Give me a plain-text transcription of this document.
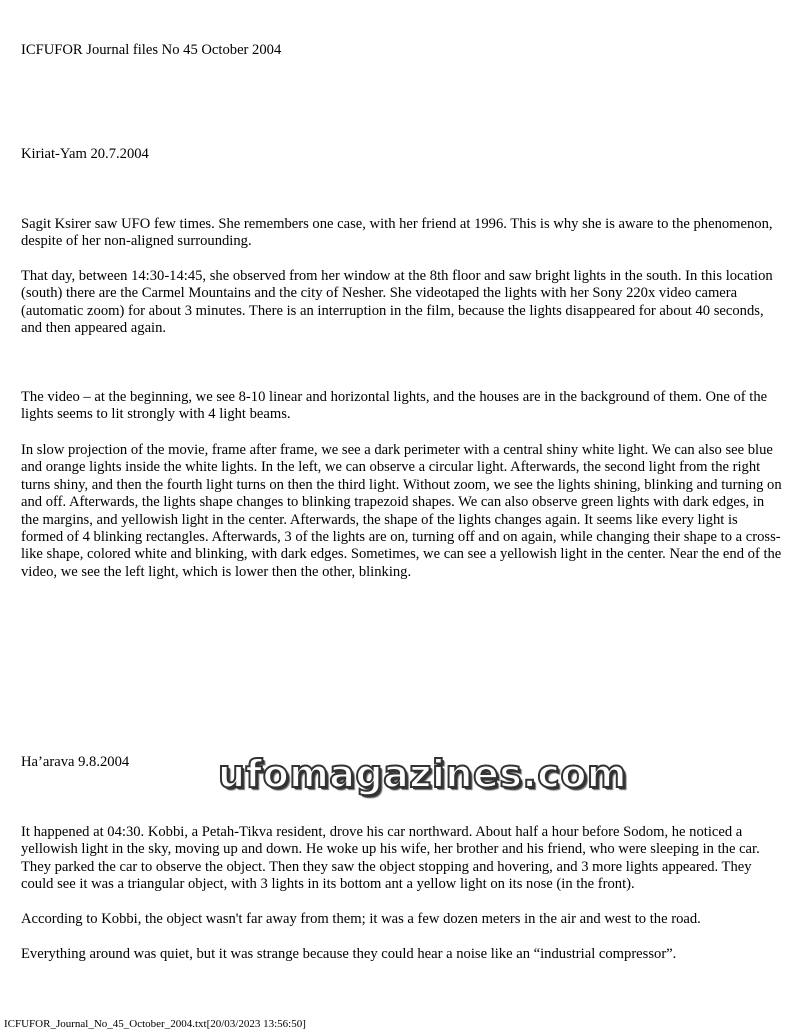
ICFUFOR Journal files No 45 October 2004

Kiriat-Yam 20.7.2004

Sagit Ksirer saw UFO few times. She remembers one case, with her friend at 1996. This is why she is aware to the phenomenon, despite of her non-aligned surrounding.

That day, between 14:30-14:45, she observed from her window at the 8th floor and saw bright lights in the south. In this location (south) there are the Carmel Mountains and the city of Nesher. She videotaped the lights with her Sony 220x video camera (automatic zoom) for about 3 minutes. There is an interruption in the film, because the lights disappeared for about 40 seconds, and then appeared again.

The video – at the beginning, we see 8-10 linear and horizontal lights, and the houses are in the background of them. One of the lights seems to lit strongly with 4 light beams.

In slow projection of the movie, frame after frame, we see a dark perimeter with a central shiny white light. We can also see blue and orange lights inside the white lights. In the left, we can observe a circular light. Afterwards, the second light from the right turns shiny, and then the fourth light turns on then the third light. Without zoom, we see the lights shining, blinking and turning on and off. Afterwards, the lights shape changes to blinking trapezoid shapes. We can also observe green lights with dark edges, in the margins, and yellowish light in the center. Afterwards, the shape of the lights changes again. It seems like every light is formed of 4 blinking rectangles. Afterwards, 3 of the lights are on, turning off and on again, while changing their shape to a cross-like shape, colored white and blinking, with dark edges. Sometimes, we can see a yellowish light in the center. Near the end of the video, we see the left light, which is lower then the other, blinking.

Ha’arava 9.8.2004	ufomagazines.com

It happened at 04:30. Kobbi, a Petah-Tikva resident, drove his car northward. About half a hour before Sodom, he noticed a yellowish light in the sky, moving up and down. He woke up his wife, her brother and his friend, who were sleeping in the car. They parked the car to observe the object. Then they saw the object stopping and hovering, and 3 more lights appeared. They could see it was a triangular object, with 3 lights in its bottom ant a yellow light on its nose (in the front).

According to Kobbi, the object wasn't far away from them; it was a few dozen meters in the air and west to the road.

Everything around was quiet, but it was strange because they could hear a noise like an “industrial compressor”.

ICFUFOR_Journal_No_45_October_2004.txt[20/03/2023 13:56:50]
